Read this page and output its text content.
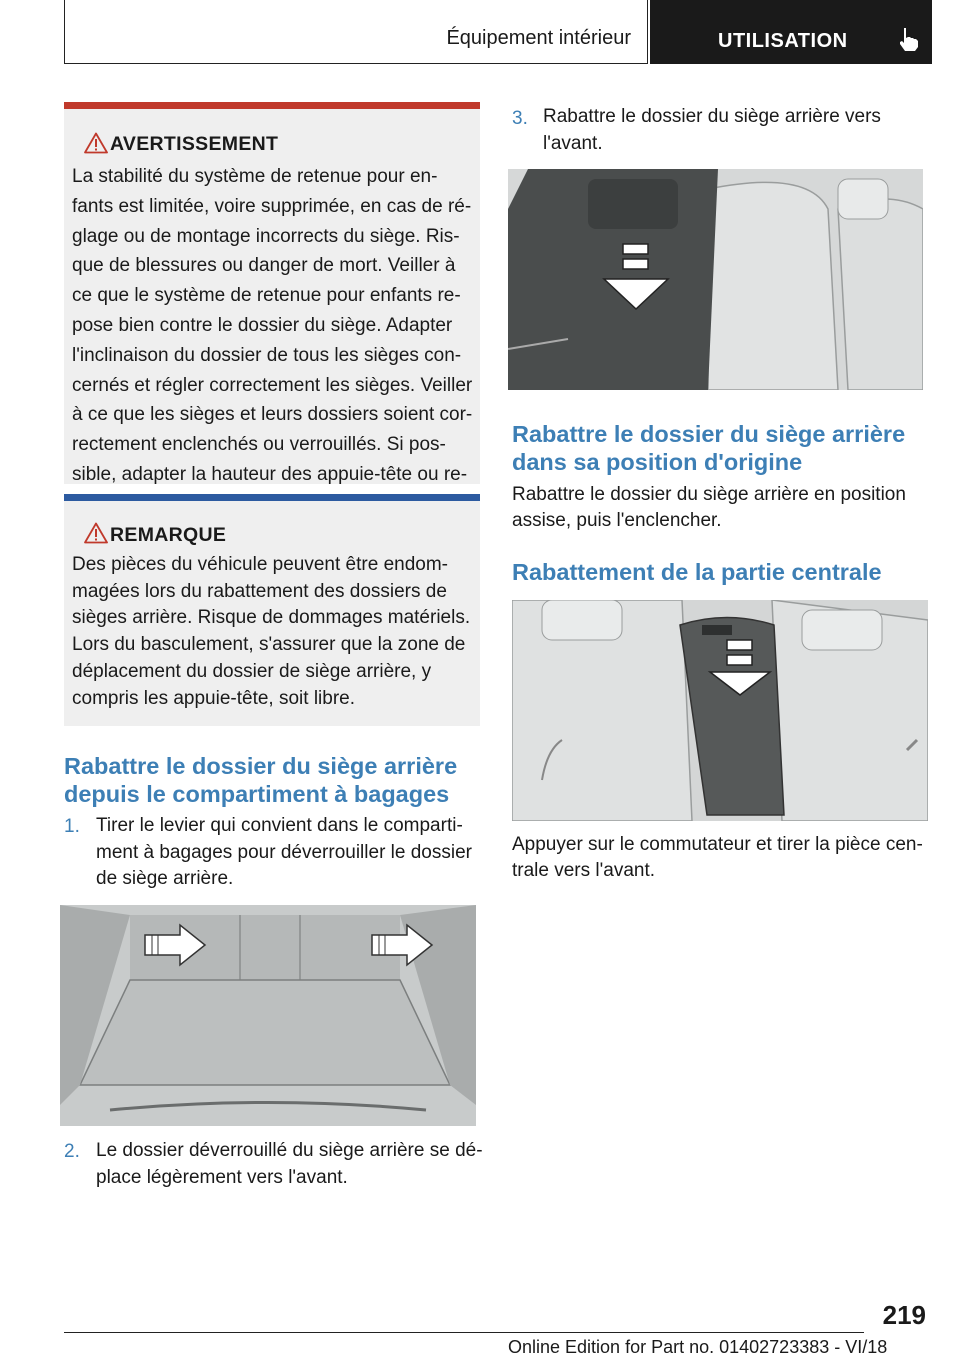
Équipement intérieur	UTILISATION
AVERTISSEMENT
La stabilité du système de retenue pour en-
fants est limitée, voire supprimée, en cas de ré-
glage ou de montage incorrects du siège. Ris-
que de blessures ou danger de mort. Veiller à
ce que le système de retenue pour enfants re-
pose bien contre le dossier du siège. Adapter
l'inclinaison du dossier de tous les sièges con-
cernés et régler correctement les sièges. Veiller
à ce que les sièges et leurs dossiers soient cor-
rectement enclenchés ou verrouillés. Si pos-
sible, adapter la hauteur des appuie-tête ou re-
REMARQUE
Des pièces du véhicule peuvent être endom-
magées lors du rabattement des dossiers de
sièges arrière. Risque de dommages matériels.
Lors du basculement, s'assurer que la zone de
déplacement du dossier de siège arrière, y
compris les appuie-tête, soit libre.
Rabattre le dossier du siège arrière
depuis le compartiment à bagages
1. Tirer le levier qui convient dans le comparti-
ment à bagages pour déverrouiller le dossier
de siège arrière.
2. Le dossier déverrouillé du siège arrière se dé-
place légèrement vers l'avant.
3. Rabattre le dossier du siège arrière vers
l'avant.
Rabattre le dossier du siège arrière
dans sa position d'origine
Rabattre le dossier du siège arrière en position
assise, puis l'enclencher.
Rabattement de la partie centrale
Appuyer sur le commutateur et tirer la pièce cen-
trale vers l'avant.
219
Online Edition for Part no. 01402723383 - VI/18
